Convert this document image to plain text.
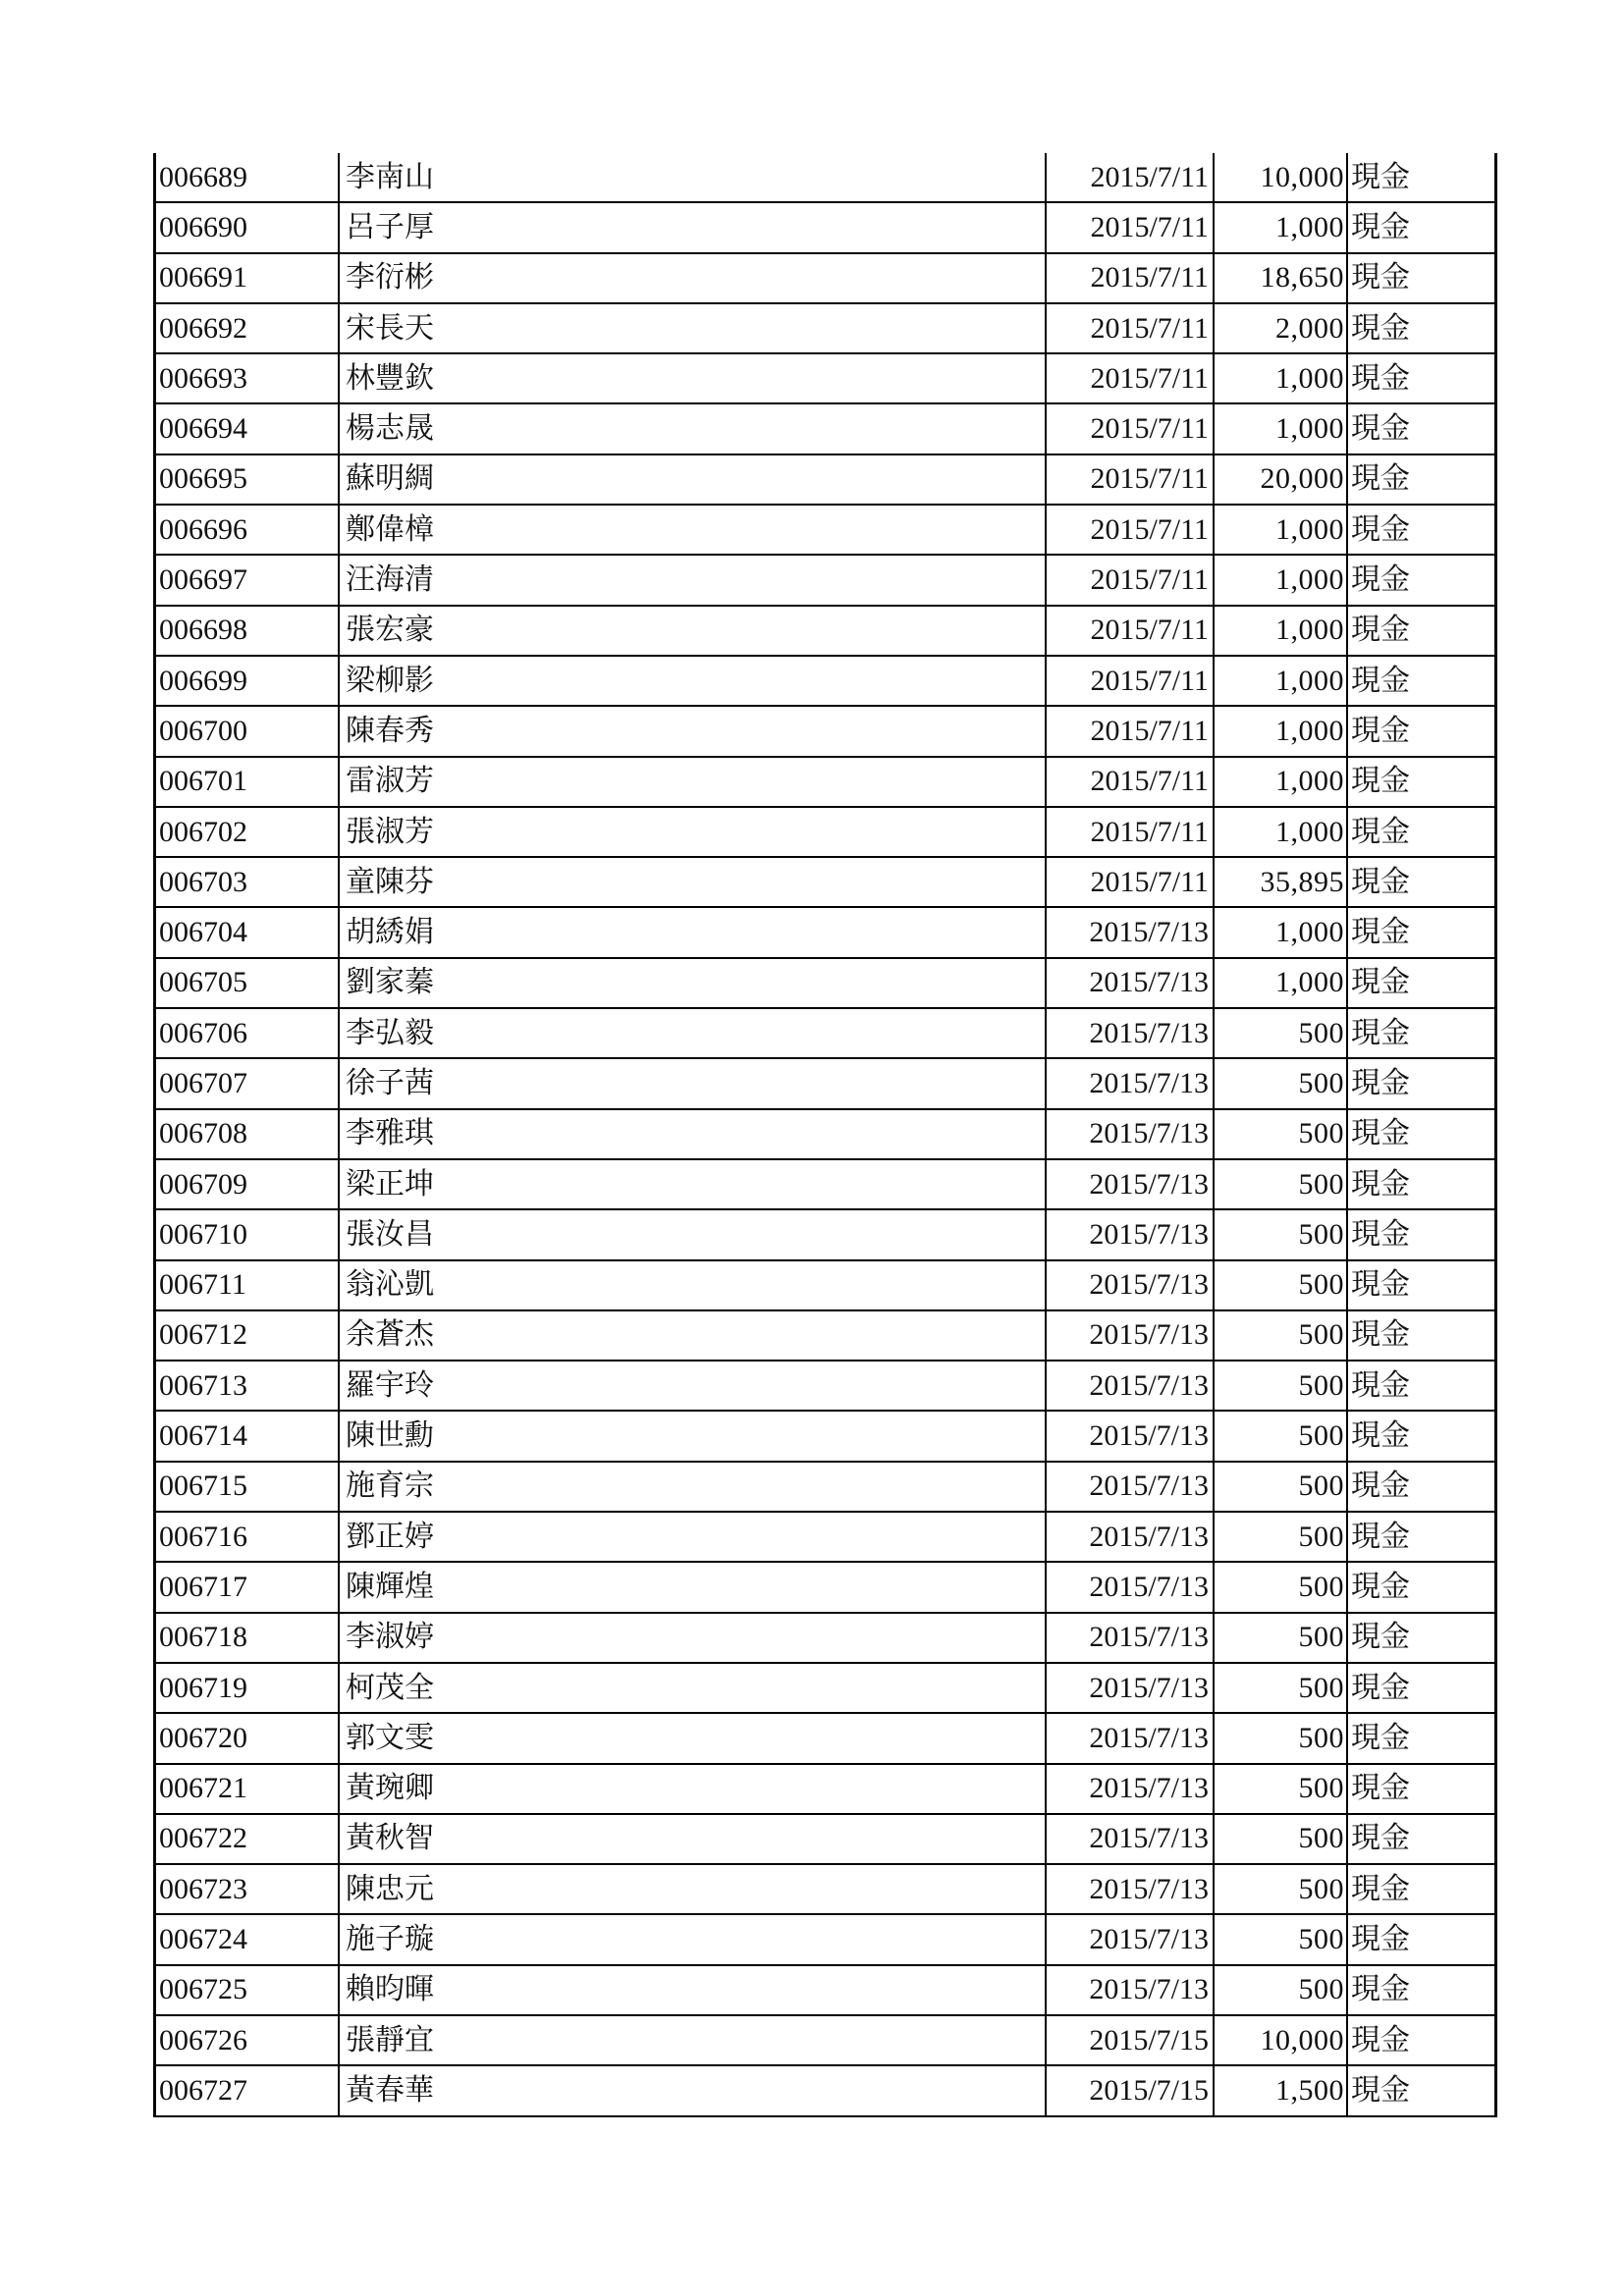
006689	李南山	2015/7/11	10,000	現金
006690	呂子厚	2015/7/11	1,000	現金
006691	李衍彬	2015/7/11	18,650	現金
006692	宋長天	2015/7/11	2,000	現金
006693	林豐欽	2015/7/11	1,000	現金
006694	楊志晟	2015/7/11	1,000	現金
006695	蘇明綢	2015/7/11	20,000	現金
006696	鄭偉樟	2015/7/11	1,000	現金
006697	汪海清	2015/7/11	1,000	現金
006698	張宏豪	2015/7/11	1,000	現金
006699	梁柳影	2015/7/11	1,000	現金
006700	陳春秀	2015/7/11	1,000	現金
006701	雷淑芳	2015/7/11	1,000	現金
006702	張淑芳	2015/7/11	1,000	現金
006703	童陳芬	2015/7/11	35,895	現金
006704	胡綉娟	2015/7/13	1,000	現金
006705	劉家蓁	2015/7/13	1,000	現金
006706	李弘毅	2015/7/13	500	現金
006707	徐子茜	2015/7/13	500	現金
006708	李雅琪	2015/7/13	500	現金
006709	梁正坤	2015/7/13	500	現金
006710	張汝昌	2015/7/13	500	現金
006711	翁沁凱	2015/7/13	500	現金
006712	余蒼杰	2015/7/13	500	現金
006713	羅宇玲	2015/7/13	500	現金
006714	陳世勳	2015/7/13	500	現金
006715	施育宗	2015/7/13	500	現金
006716	鄧正婷	2015/7/13	500	現金
006717	陳輝煌	2015/7/13	500	現金
006718	李淑婷	2015/7/13	500	現金
006719	柯茂全	2015/7/13	500	現金
006720	郭文雯	2015/7/13	500	現金
006721	黃琬卿	2015/7/13	500	現金
006722	黃秋智	2015/7/13	500	現金
006723	陳忠元	2015/7/13	500	現金
006724	施子璇	2015/7/13	500	現金
006725	賴昀暉	2015/7/13	500	現金
006726	張靜宜	2015/7/15	10,000	現金
006727	黃春華	2015/7/15	1,500	現金
